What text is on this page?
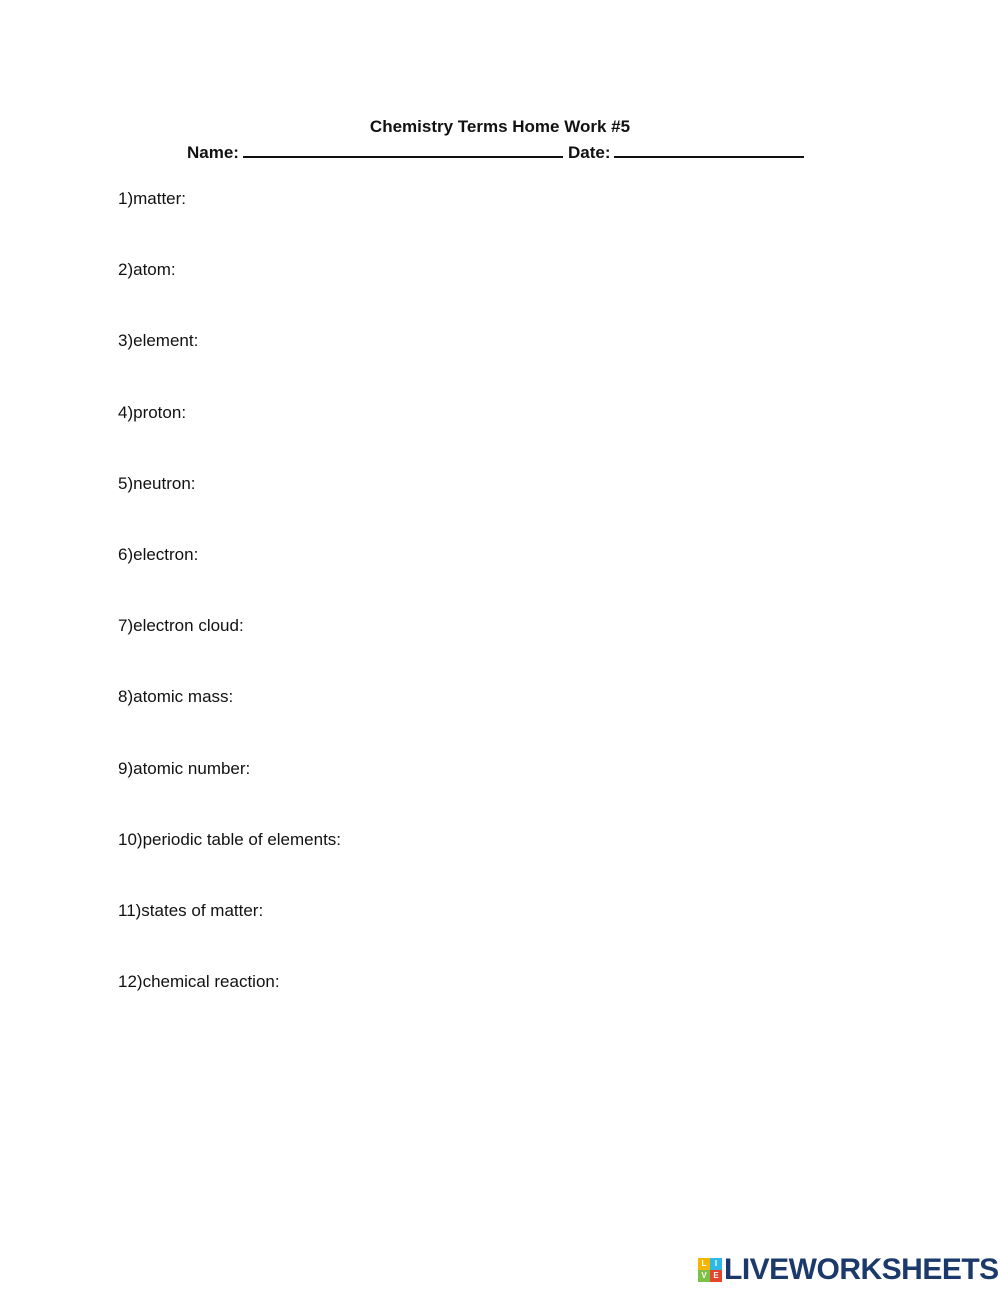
Chemistry Terms Home Work #5
Name:	Date:
1)matter:
2)atom:
3)element:
4)proton:
5)neutron:
6)electron:
7)electron cloud:
8)atomic mass:
9)atomic number:
10)periodic table of elements:
11)states of matter:
12)chemical reaction:
L	I
V E LIVEWORKSHEETS
